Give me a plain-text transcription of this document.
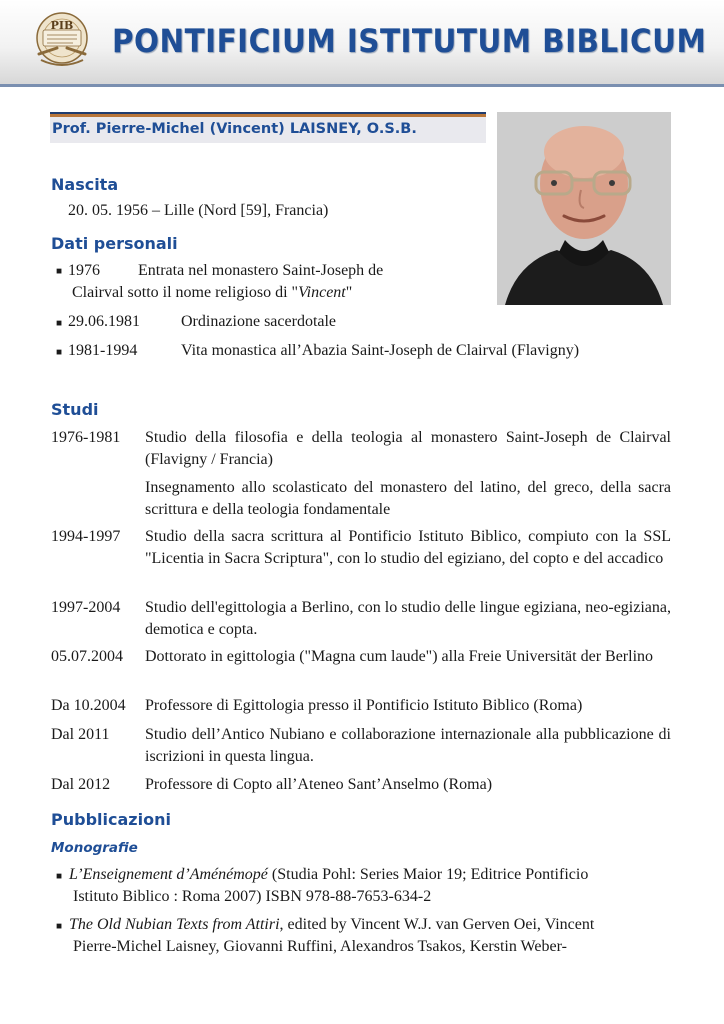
PIB PONTIFICIUM ISTITUTUM BIBLICUM
Prof. Pierre-Michel (Vincent) LAISNEY, O.S.B.
Nascita
20. 05. 1956 – Lille (Nord [59], Francia)
Dati personali
■ 1976 Entrata nel monastero Saint-Joseph de
Clairval sotto il nome religioso di "Vincent"
■ 29.06.1981	Ordinazione sacerdotale
■ 1981-1994	Vita monastica all’Abazia Saint-Joseph de Clairval (Flavigny)
Studi
1976-1981 Studio della filosofia e della teologia al monastero Saint-Joseph de Clairval (Flavigny / Francia)
Insegnamento allo scolasticato del monastero del latino, del greco, della sacra scrittura e della teologia fondamentale
1994-1997 Studio della sacra scrittura al Pontificio Istituto Biblico, compiuto con la SSL "Licentia in Sacra Scriptura", con lo studio del egiziano, del copto e del accadico
1997-2004 Studio dell'egittologia a Berlino, con lo studio delle lingue egiziana, neo-egiziana, demotica e copta.
05.07.2004 Dottorato in egittologia ("Magna cum laude") alla Freie Universität der Berlino
Da 10.2004 Professore di Egittologia presso il Pontificio Istituto Biblico (Roma)
Dal 2011 Studio dell’Antico Nubiano e collaborazione internazionale alla pubblicazione di iscrizioni in questa lingua.
Dal 2012 Professore di Copto all’Ateneo Sant’Anselmo (Roma)
Pubblicazioni
Monografie
■ L’Enseignement d’Aménémopé (Studia Pohl: Series Maior 19; Editrice Pontificio
Istituto Biblico : Roma 2007) ISBN 978-88-7653-634-2
■ The Old Nubian Texts from Attiri, edited by Vincent W.J. van Gerven Oei, Vincent
Pierre-Michel Laisney, Giovanni Ruffini, Alexandros Tsakos, Kerstin Weber-
